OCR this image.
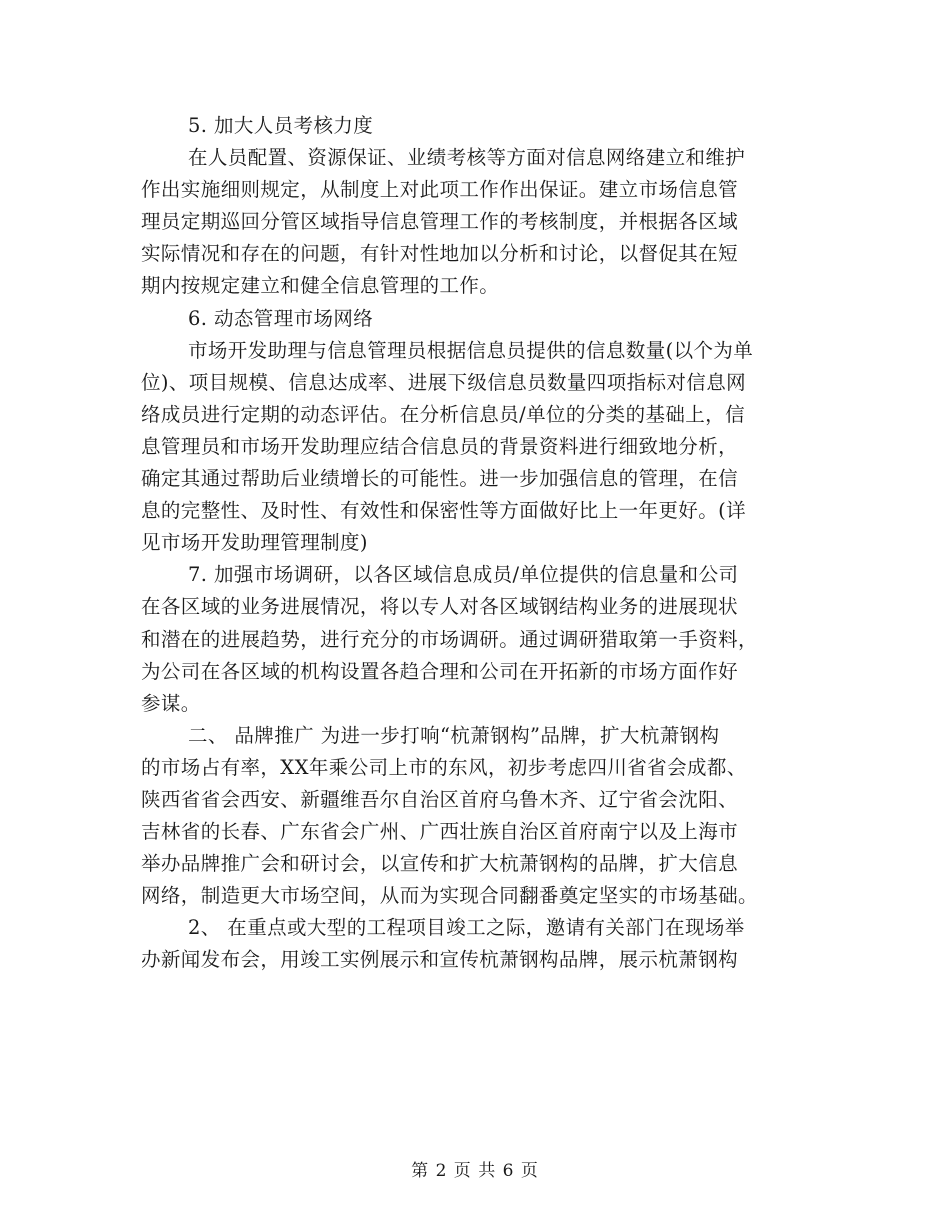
5. 加大人员考核力度

在人员配置、资源保证、业绩考核等方面对信息网络建立和维护
作出实施细则规定，从制度上对此项工作作出保证。建立市场信息管
理员定期巡回分管区域指导信息管理工作的考核制度，并根据各区域
实际情况和存在的问题，有针对性地加以分析和讨论，以督促其在短
期内按规定建立和健全信息管理的工作。

6. 动态管理市场网络

市场开发助理与信息管理员根据信息员提供的信息数量(以个为单
位)、项目规模、信息达成率、进展下级信息员数量四项指标对信息网
络成员进行定期的动态评估。在分析信息员/单位的分类的基础上，信
息管理员和市场开发助理应结合信息员的背景资料进行细致地分析，
确定其通过帮助后业绩增长的可能性。进一步加强信息的管理，在信
息的完整性、及时性、有效性和保密性等方面做好比上一年更好。(详
见市场开发助理管理制度)

7. 加强市场调研，以各区域信息成员/单位提供的信息量和公司
在各区域的业务进展情况，将以专人对各区域钢结构业务的进展现状
和潜在的进展趋势，进行充分的市场调研。通过调研猎取第一手资料，
为公司在各区域的机构设置各趋合理和公司在开拓新的市场方面作好
参谋。

二、 品牌推广 为进一步打响“杭萧钢构”品牌，扩大杭萧钢构
的市场占有率，XX年乘公司上市的东风，初步考虑四川省省会成都、
陕西省省会西安、新疆维吾尔自治区首府乌鲁木齐、辽宁省会沈阳、
吉林省的长春、广东省会广州、广西壮族自治区首府南宁以及上海市
举办品牌推广会和研讨会，以宣传和扩大杭萧钢构的品牌，扩大信息
网络，制造更大市场空间，从而为实现合同翻番奠定坚实的市场基础。

2、 在重点或大型的工程项目竣工之际，邀请有关部门在现场举
办新闻发布会，用竣工实例展示和宣传杭萧钢构品牌，展示杭萧钢构

第 2 页 共 6 页
